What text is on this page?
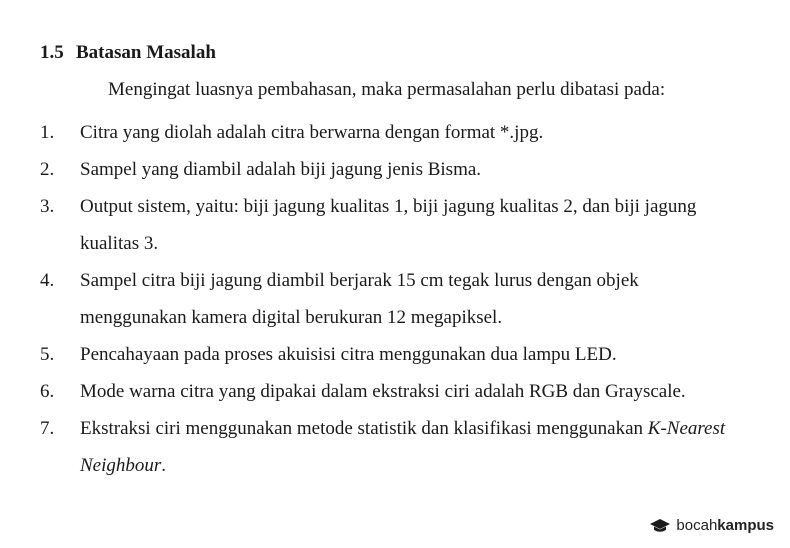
1.5 Batasan Masalah
Mengingat luasnya pembahasan, maka permasalahan perlu dibatasi pada:
1. Citra yang diolah adalah citra berwarna dengan format *.jpg.
2. Sampel yang diambil adalah biji jagung jenis Bisma.
3. Output sistem, yaitu: biji jagung kualitas 1, biji jagung kualitas 2, dan biji jagung kualitas 3.
4. Sampel citra biji jagung diambil berjarak 15 cm tegak lurus dengan objek menggunakan kamera digital berukuran 12 megapiksel.
5. Pencahayaan pada proses akuisisi citra menggunakan dua lampu LED.
6. Mode warna citra yang dipakai dalam ekstraksi ciri adalah RGB dan Grayscale.
7. Ekstraksi ciri menggunakan metode statistik dan klasifikasi menggunakan K-Nearest Neighbour.
bocahkampus
